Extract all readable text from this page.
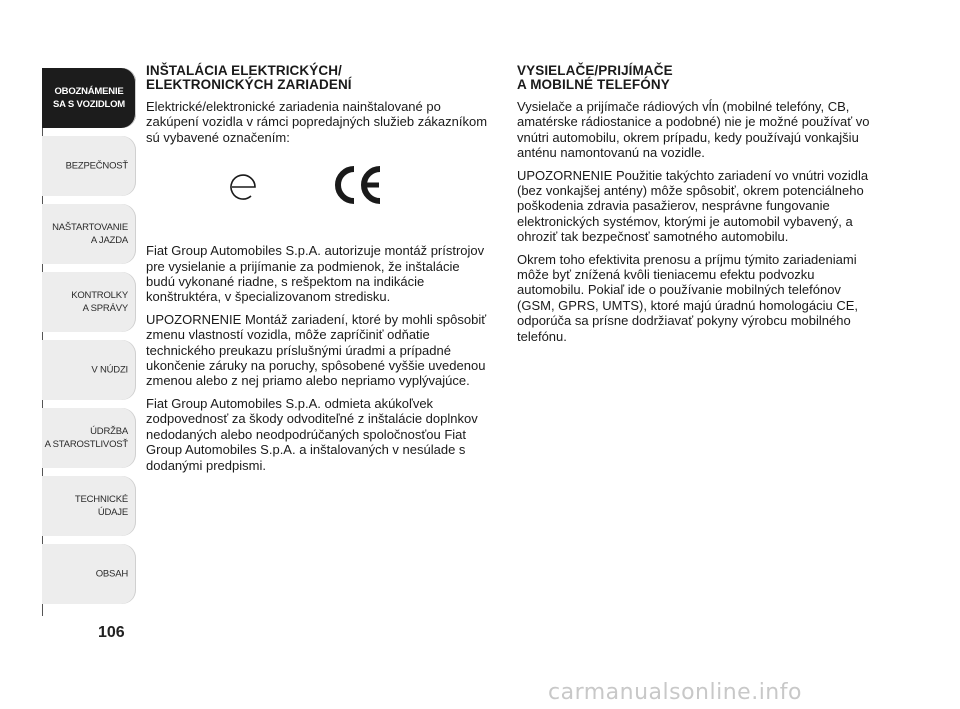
OBOZNÁMENIE
SA S VOZIDLOM
BEZPEČNOSŤ
NAŠTARTOVANIE
A JAZDA
KONTROLKY
A SPRÁVY
V NÚDZI
ÚDRŽBA
A STAROSTLIVOSŤ
TECHNICKÉ
ÚDAJE
OBSAH
106
INŠTALÁCIA ELEKTRICKÝCH/
ELEKTRONICKÝCH ZARIADENÍ

Elektrické/elektronické zariadenia nainštalované po zakúpení vozidla v rámci popredajných služieb zákazníkom sú vybavené označením:

Fiat Group Automobiles S.p.A. autorizuje montáž prístrojov pre vysielanie a prijímanie za podmienok, že inštalácie budú vykonané riadne, s rešpektom na indikácie konštruktéra, v špecializovanom stredisku.

UPOZORNENIE Montáž zariadení, ktoré by mohli spôsobiť zmenu vlastností vozidla, môže zapríčiniť odňatie technického preukazu príslušnými úradmi a prípadné ukončenie záruky na poruchy, spôsobené vyššie uvedenou zmenou alebo z nej priamo alebo nepriamo vyplývajúce.

Fiat Group Automobiles S.p.A. odmieta akúkoľvek zodpovednosť za škody odvoditeľné z inštalácie doplnkov nedodaných alebo neodpodrúčaných spoločnosťou Fiat Group Automobiles S.p.A. a inštalovaných v nesúlade s dodanými predpismi.

VYSIELAČE/PRIJÍMAČE
A MOBILNÉ TELEFÓNY

Vysielače a prijímače rádiových vĺn (mobilné telefóny, CB, amatérske rádiostanice a podobné) nie je možné používať vo vnútri automobilu, okrem prípadu, kedy používajú vonkajšiu anténu namontovanú na vozidle.

UPOZORNENIE Použitie takýchto zariadení vo vnútri vozidla (bez vonkajšej antény) môže spôsobiť, okrem potenciálneho poškodenia zdravia pasažierov, nesprávne fungovanie elektronických systémov, ktorými je automobil vybavený, a ohroziť tak bezpečnosť samotného automobilu.

Okrem toho efektivita prenosu a príjmu týmito zariadeniami môže byť znížená kvôli tieniacemu efektu podvozku automobilu. Pokiaľ ide o používanie mobilných telefónov (GSM, GPRS, UMTS), ktoré majú úradnú homologáciu CE, odporúča sa prísne dodržiavať pokyny výrobcu mobilného telefónu.

carmanualsonline.info
